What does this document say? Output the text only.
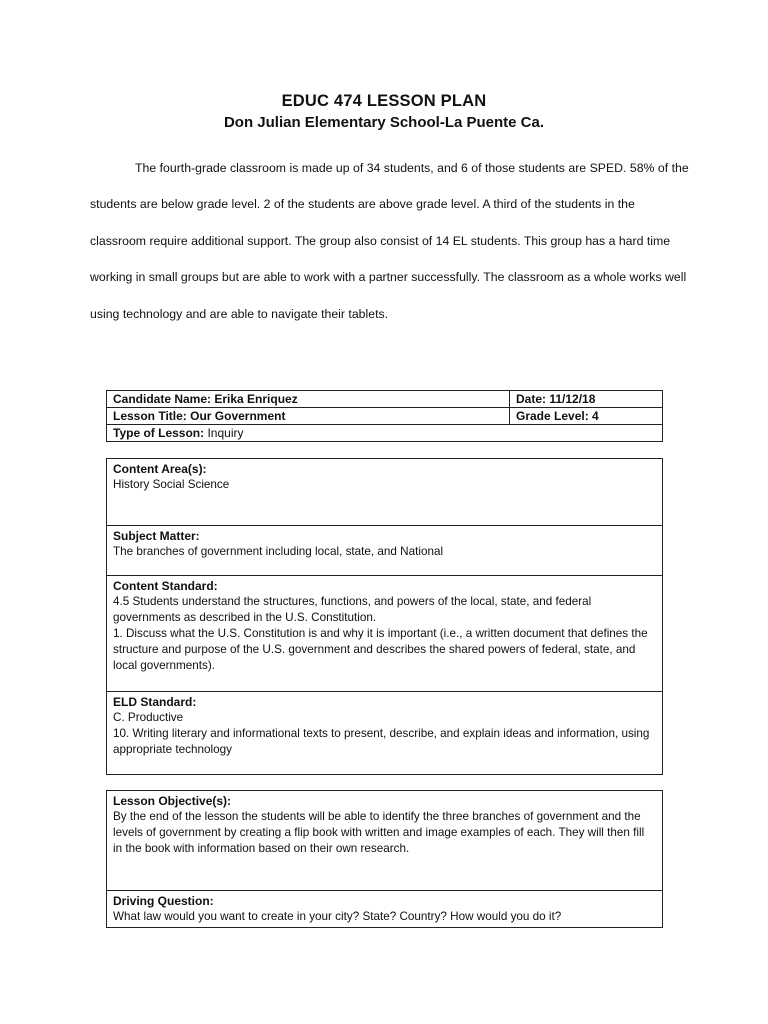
EDUC 474 LESSON PLAN
Don Julian Elementary School-La Puente Ca.

The fourth-grade classroom is made up of 34 students, and 6 of those students are SPED. 58% of the students are below grade level. 2 of the students are above grade level. A third of the students in the classroom require additional support. The group also consist of 14 EL students. This group has a hard time working in small groups but are able to work with a partner successfully. The classroom as a whole works well using technology and are able to navigate their tablets.

Candidate Name: Erika Enriquez	Date: 11/12/18
Lesson Title: Our Government	Grade Level: 4
Type of Lesson: Inquiry	
Content Area(s):
History Social Science

Subject Matter:
The branches of government including local, state, and National

Content Standard:
4.5 Students understand the structures, functions, and powers of the local, state, and federal governments as described in the U.S. Constitution.
1. Discuss what the U.S. Constitution is and why it is important (i.e., a written document that defines the structure and purpose of the U.S. government and describes the shared powers of federal, state, and local governments).

ELD Standard:
C. Productive
10. Writing literary and informational texts to present, describe, and explain ideas and information, using appropriate technology
Lesson Objective(s):
By the end of the lesson the students will be able to identify the three branches of government and the levels of government by creating a flip book with written and image examples of each. They will then fill in the book with information based on their own research.

Driving Question:
What law would you want to create in your city? State? Country? How would you do it?
